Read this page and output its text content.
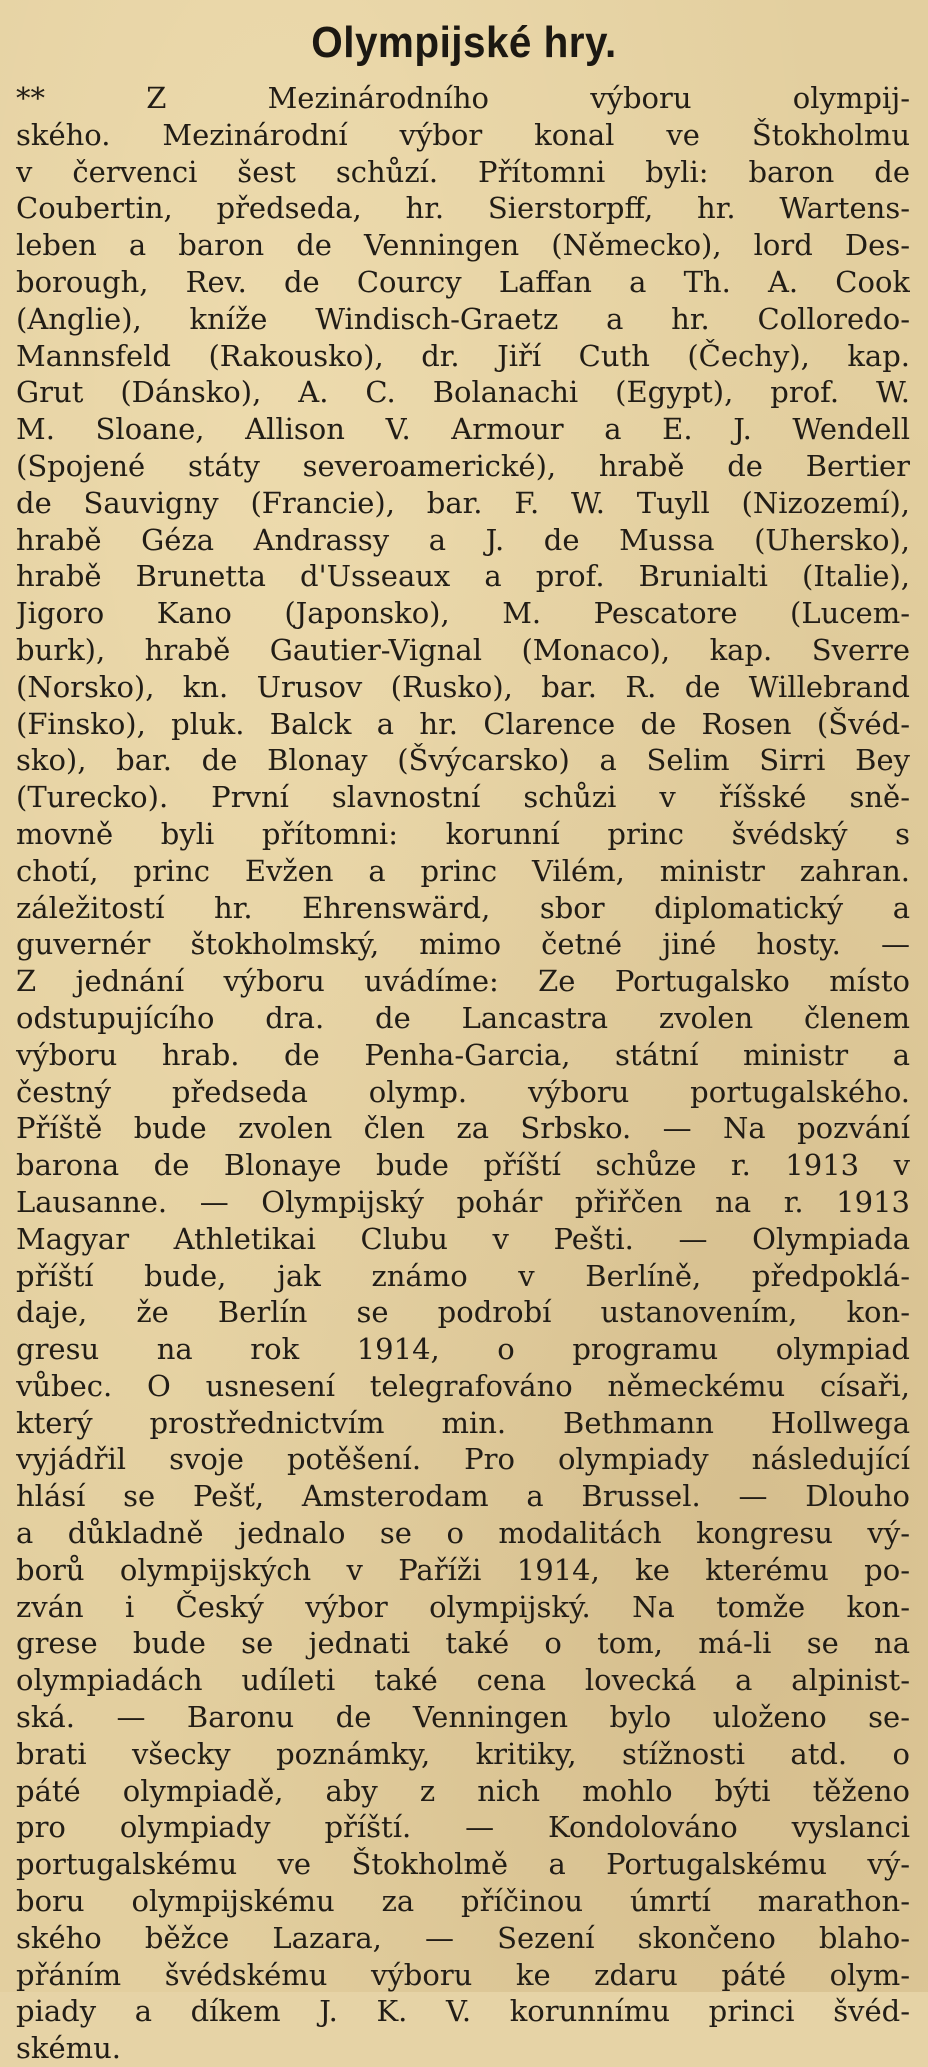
Olympijské hry.
** Z Mezinárodního výboru olympij-
ského. Mezinárodní výbor konal ve Štokholmu
v červenci šest schůzí. Přítomni byli: baron de
Coubertin, předseda, hr. Sierstorpff, hr. Wartens-
leben a baron de Venningen (Německo), lord Des-
borough, Rev. de Courcy Laffan a Th. A. Cook
(Anglie), kníže Windisch-Graetz a hr. Colloredo-
Mannsfeld (Rakousko), dr. Jiří Cuth (Čechy), kap.
Grut (Dánsko), A. C. Bolanachi (Egypt), prof. W.
M. Sloane, Allison V. Armour a E. J. Wendell
(Spojené státy severoamerické), hrabě de Bertier
de Sauvigny (Francie), bar. F. W. Tuyll (Nizozemí),
hrabě Géza Andrassy a J. de Mussa (Uhersko),
hrabě Brunetta d'Usseaux a prof. Brunialti (Italie),
Jigoro Kano (Japonsko), M. Pescatore (Lucem-
burk), hrabě Gautier-Vignal (Monaco), kap. Sverre
(Norsko), kn. Urusov (Rusko), bar. R. de Willebrand
(Finsko), pluk. Balck a hr. Clarence de Rosen (Švéd-
sko), bar. de Blonay (Švýcarsko) a Selim Sirri Bey
(Turecko). První slavnostní schůzi v říšské sně-
movně byli přítomni: korunní princ švédský s
chotí, princ Evžen a princ Vilém, ministr zahran.
záležitostí hr. Ehrenswärd, sbor diplomatický a
guvernér štokholmský, mimo četné jiné hosty. —
Z jednání výboru uvádíme: Ze Portugalsko místo
odstupujícího dra. de Lancastra zvolen členem
výboru hrab. de Penha-Garcia, státní ministr a
čestný předseda olymp. výboru portugalského.
Příště bude zvolen člen za Srbsko. — Na pozvání
barona de Blonaye bude příští schůze r. 1913 v
Lausanne. — Olympijský pohár přiřčen na r. 1913
Magyar Athletikai Clubu v Pešti. — Olympiada
příští bude, jak známo v Berlíně, předpoklá-
daje, že Berlín se podrobí ustanovením, kon-
gresu na rok 1914, o programu olympiad
vůbec. O usnesení telegrafováno německému císaři,
který prostřednictvím min. Bethmann Hollwega
vyjádřil svoje potěšení. Pro olympiady následující
hlásí se Pešť, Amsterodam a Brussel. — Dlouho
a důkladně jednalo se o modalitách kongresu vý-
borů olympijských v Paříži 1914, ke kterému po-
zván i Český výbor olympijský. Na tomže kon-
grese bude se jednati také o tom, má-li se na
olympiadách udíleti také cena lovecká a alpinist-
ská. — Baronu de Venningen bylo uloženo se-
brati všecky poznámky, kritiky, stížnosti atd. o
páté olympiadě, aby z nich mohlo býti těženo
pro olympiady příští. — Kondolováno vyslanci
portugalskému ve Štokholmě a Portugalskému vý-
boru olympijskému za příčinou úmrtí marathon-
ského běžce Lazara, — Sezení skončeno blaho-
přáním švédskému výboru ke zdaru páté olym-
piady a díkem J. K. V. korunnímu princi švéd-
skému.
